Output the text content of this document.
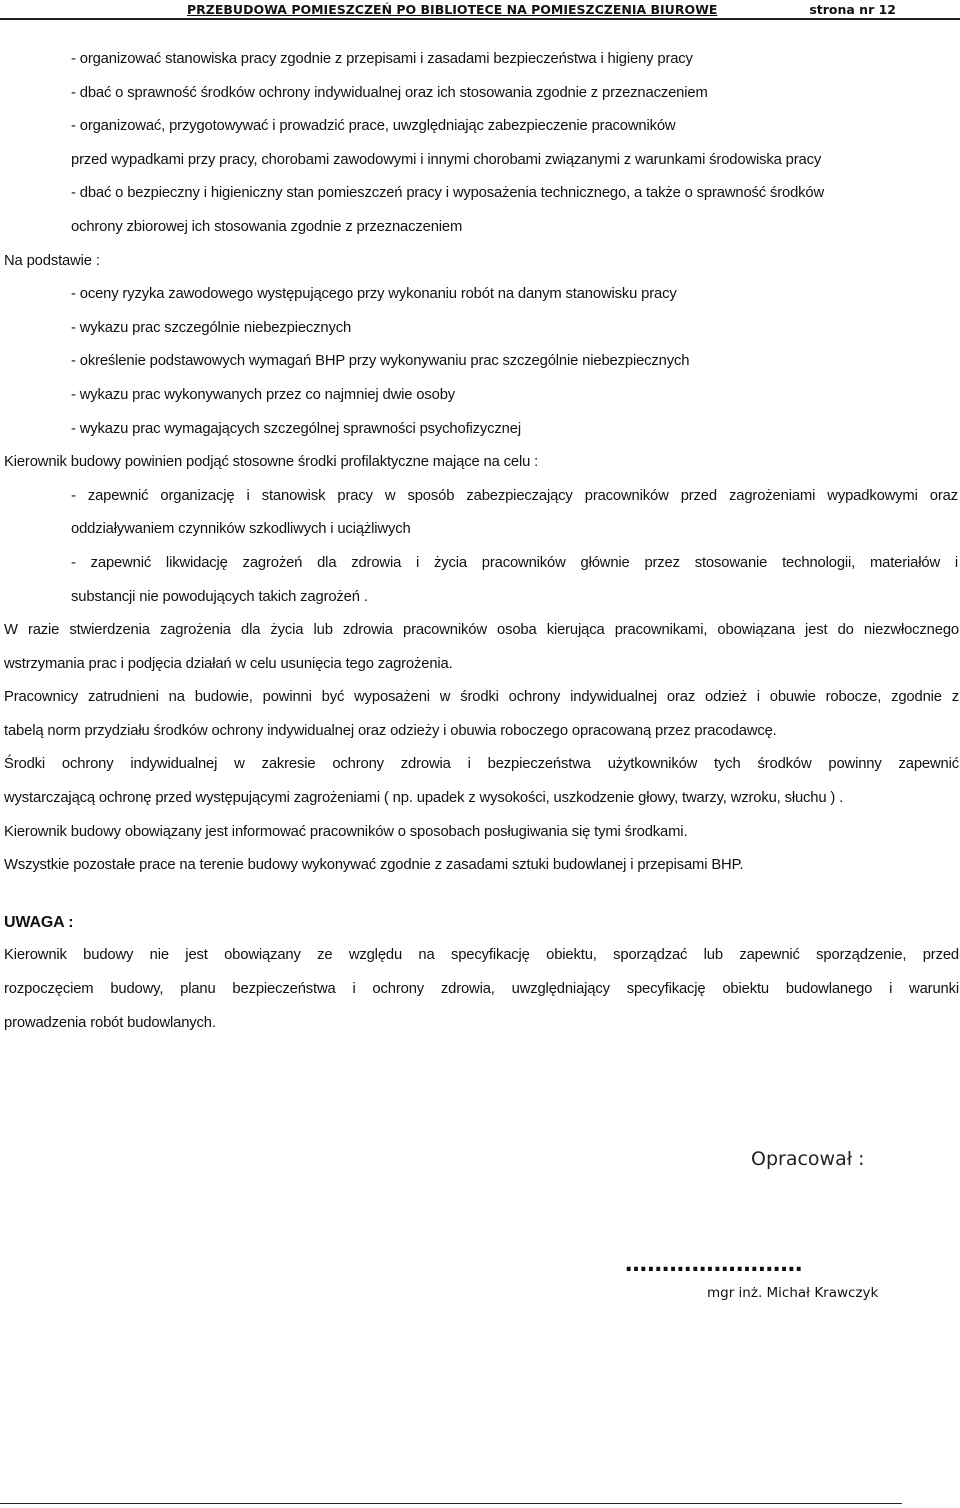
PRZEBUDOWA POMIESZCZEŃ PO BIBLIOTECE NA POMIESZCZENIA BIUROWE	strona nr 12
- organizować stanowiska pracy zgodnie z przepisami i zasadami bezpieczeństwa i higieny pracy
- dbać o sprawność środków ochrony indywidualnej oraz ich stosowania zgodnie z przeznaczeniem
- organizować, przygotowywać i prowadzić prace, uwzględniając zabezpieczenie pracowników
przed wypadkami przy pracy, chorobami zawodowymi i innymi chorobami związanymi z warunkami środowiska pracy
- dbać o bezpieczny i higieniczny stan pomieszczeń pracy i wyposażenia technicznego, a także o sprawność środków
ochrony zbiorowej ich stosowania zgodnie z przeznaczeniem
Na podstawie :
- oceny ryzyka zawodowego występującego przy wykonaniu robót na danym stanowisku pracy
- wykazu prac szczególnie niebezpiecznych
- określenie podstawowych wymagań BHP przy wykonywaniu prac szczególnie niebezpiecznych
- wykazu prac wykonywanych przez co najmniej dwie osoby
- wykazu prac wymagających szczególnej sprawności psychofizycznej
Kierownik budowy powinien podjąć stosowne środki profilaktyczne mające na celu :
- zapewnić organizację i stanowisk pracy w sposób zabezpieczający pracowników przed zagrożeniami wypadkowymi oraz
oddziaływaniem czynników szkodliwych i uciążliwych
- zapewnić likwidację zagrożeń dla zdrowia i życia pracowników głównie przez stosowanie technologii, materiałów i
substancji nie powodujących takich zagrożeń .
W razie stwierdzenia zagrożenia dla życia lub zdrowia pracowników osoba kierująca pracownikami, obowiązana jest do niezwłocznego
wstrzymania prac i podjęcia działań w celu usunięcia tego zagrożenia.
Pracownicy zatrudnieni na budowie, powinni być wyposażeni w środki ochrony indywidualnej oraz odzież i obuwie robocze, zgodnie z
tabelą norm przydziału środków ochrony indywidualnej oraz odzieży i obuwia roboczego opracowaną przez pracodawcę.
Środki ochrony indywidualnej w zakresie ochrony zdrowia i bezpieczeństwa użytkowników tych środków powinny zapewnić
wystarczającą ochronę przed występującymi zagrożeniami ( np. upadek z wysokości, uszkodzenie głowy, twarzy, wzroku, słuchu ) .
Kierownik budowy obowiązany jest informować pracowników o sposobach posługiwania się tymi środkami.
Wszystkie pozostałe prace na terenie budowy wykonywać zgodnie z zasadami sztuki budowlanej i przepisami BHP.
UWAGA :
Kierownik budowy nie jest obowiązany ze względu na specyfikację obiektu, sporządzać lub zapewnić sporządzenie, przed
rozpoczęciem budowy, planu bezpieczeństwa i ochrony zdrowia, uwzględniający specyfikację obiektu budowlanego i warunki
prowadzenia robót budowlanych.
Opracował :
……………………
mgr inż. Michał Krawczyk
